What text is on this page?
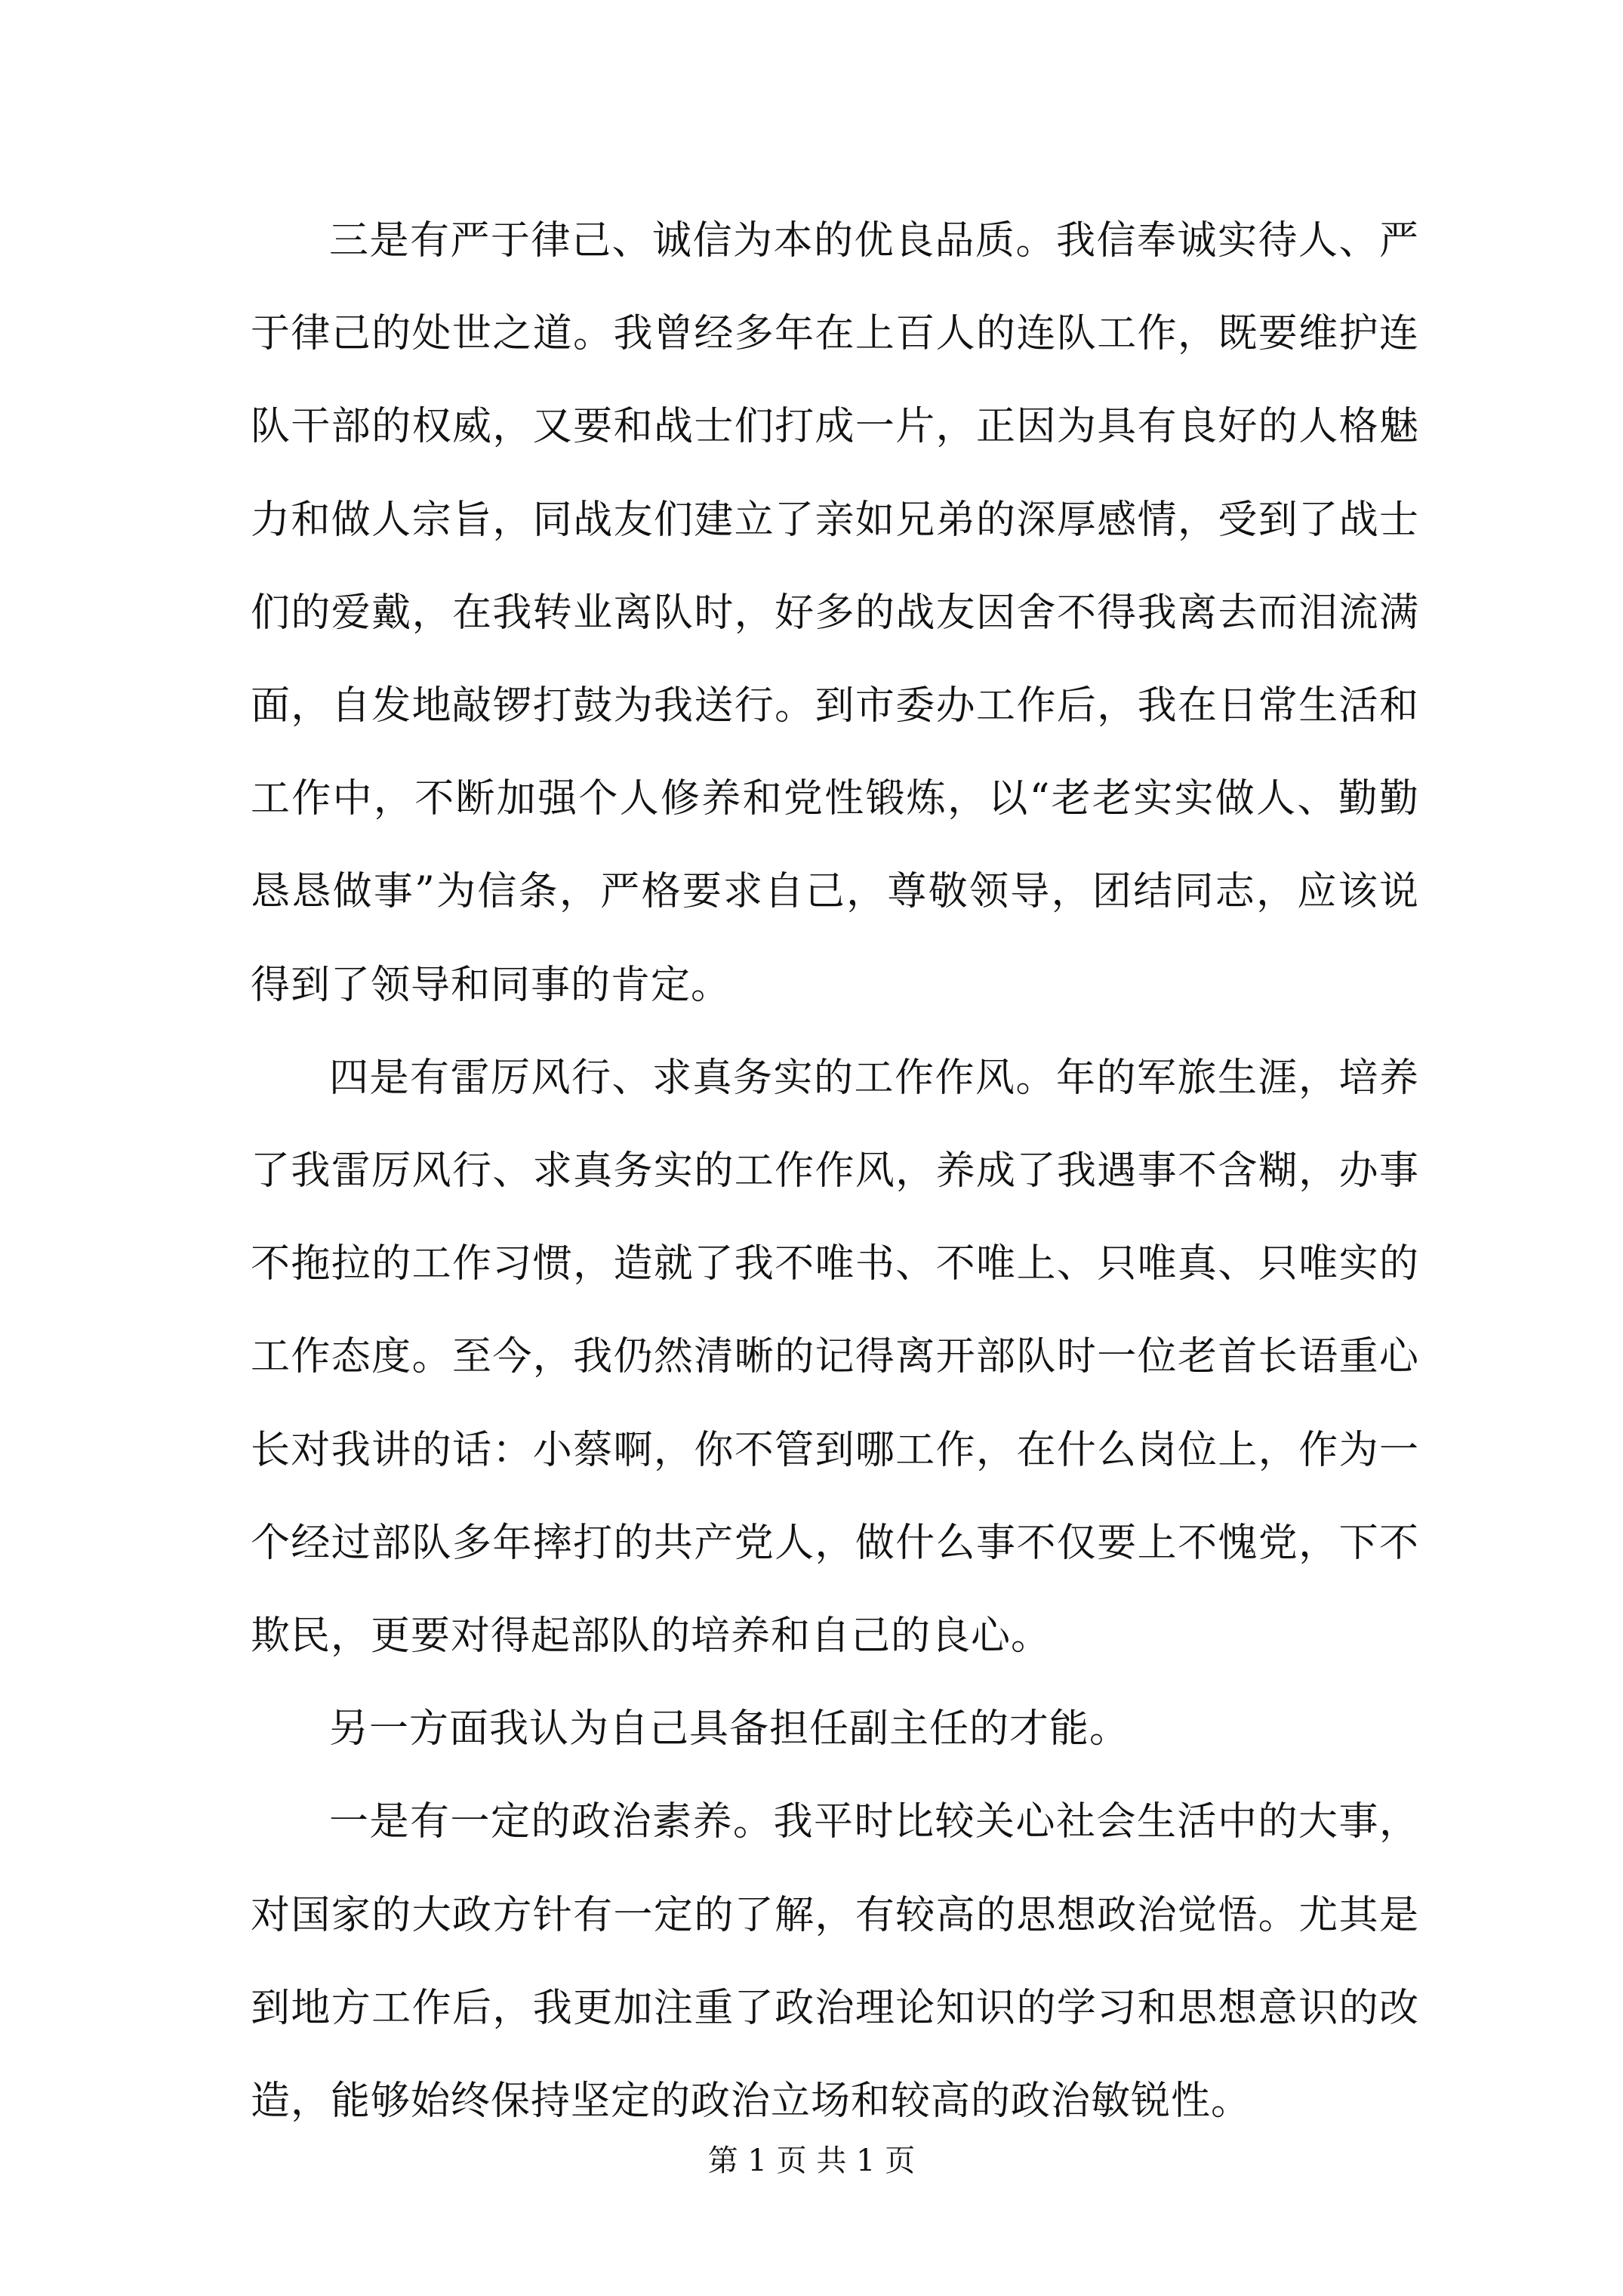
三是有严于律己、诚信为本的优良品质。我信奉诚实待人、严于律己的处世之道。我曾经多年在上百人的连队工作，既要维护连队干部的权威，又要和战士们打成一片，正因为具有良好的人格魅力和做人宗旨，同战友们建立了亲如兄弟的深厚感情，受到了战士们的爱戴，在我转业离队时，好多的战友因舍不得我离去而泪流满面，自发地敲锣打鼓为我送行。到市委办工作后，我在日常生活和工作中，不断加强个人修养和党性锻炼，以“老老实实做人、勤勤恳恳做事”为信条，严格要求自己，尊敬领导，团结同志，应该说得到了领导和同事的肯定。

四是有雷厉风行、求真务实的工作作风。年的军旅生涯，培养了我雷厉风行、求真务实的工作作风，养成了我遇事不含糊，办事不拖拉的工作习惯，造就了我不唯书、不唯上、只唯真、只唯实的工作态度。至今，我仍然清晰的记得离开部队时一位老首长语重心长对我讲的话：小蔡啊，你不管到哪工作，在什么岗位上，作为一个经过部队多年摔打的共产党人，做什么事不仅要上不愧党，下不欺民，更要对得起部队的培养和自己的良心。

另一方面我认为自己具备担任副主任的才能。

一是有一定的政治素养。我平时比较关心社会生活中的大事，对国家的大政方针有一定的了解，有较高的思想政治觉悟。尤其是到地方工作后，我更加注重了政治理论知识的学习和思想意识的改造，能够始终保持坚定的政治立场和较高的政治敏锐性。

第 1 页 共 1 页
